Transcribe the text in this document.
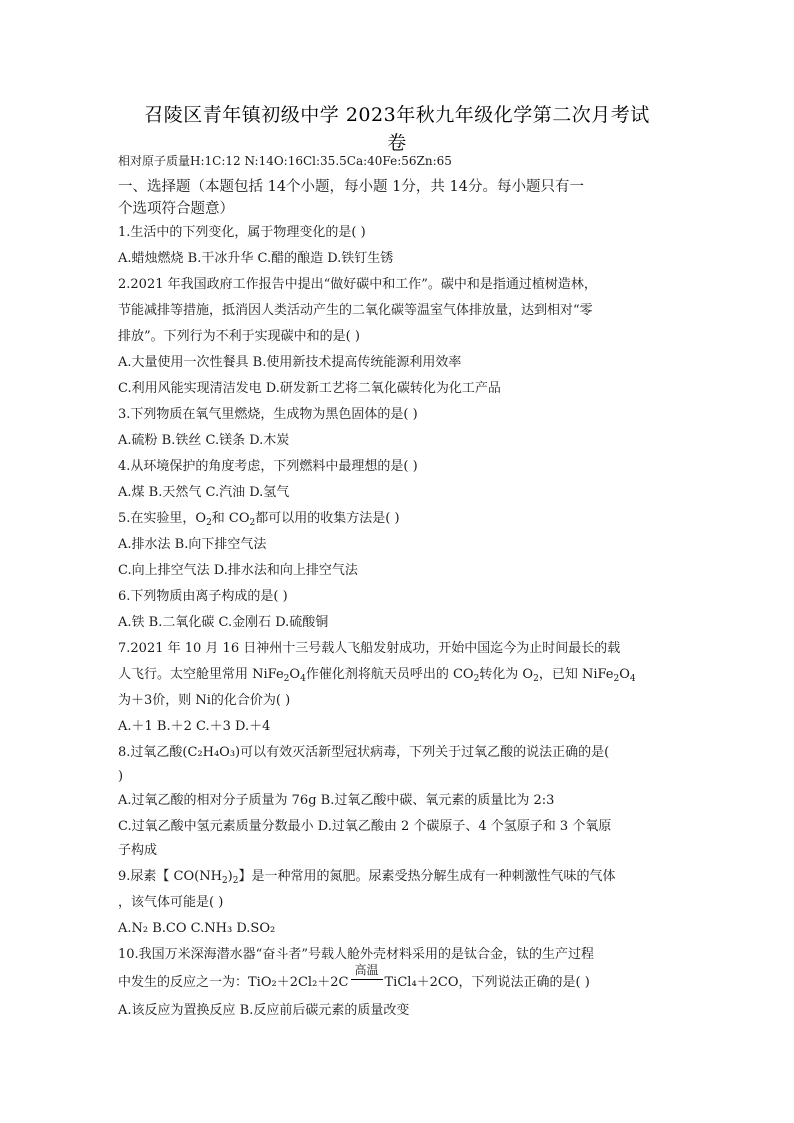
召陵区青年镇初级中学 2023年秋九年级化学第二次月考试
卷
相对原子质量H:1C:12 N:14O:16Cl:35.5Ca:40Fe:56Zn:65
一、选择题（本题包括 14个小题，每小题 1分，共 14分。每小题只有一
个选项符合题意）
1.生活中的下列变化，属于物理变化的是( )
A.蜡烛燃烧 B.干冰升华 C.醋的酿造 D.铁钉生锈
2.2021 年我国政府工作报告中提出“做好碳中和工作”。碳中和是指通过植树造林，
节能减排等措施，抵消因人类活动产生的二氧化碳等温室气体排放量，达到相对“零
排放”。下列行为不利于实现碳中和的是( )
A.大量使用一次性餐具 B.使用新技术提高传统能源利用效率
C.利用风能实现清洁发电 D.研发新工艺将二氧化碳转化为化工产品
3.下列物质在氧气里燃烧，生成物为黑色固体的是( )
A.硫粉 B.铁丝 C.镁条 D.木炭
4.从环境保护的角度考虑，下列燃料中最理想的是( )
A.煤 B.天然气 C.汽油 D.氢气
5.在实验里，$O_2$和 $CO_2$都可以用的收集方法是( )
A.排水法 B.向下排空气法
C.向上排空气法 D.排水法和向上排空气法
6.下列物质由离子构成的是( )
A.铁 B.二氧化碳 C.金刚石 D.硫酸铜
7.2021 年 10 月 16 日神州十三号载人飞船发射成功，开始中国迄今为止时间最长的载
人飞行。太空舱里常用 $NiFe_2O_4$作催化剂将航天员呼出的 $CO_2$转化为 $O_2$，已知 $NiFe_2O_4$
为＋3价，则 Ni的化合价为( )
A.＋1 B.＋2 C.＋3 D.＋4
8.过氧乙酸(C₂H₄O₃)可以有效灭活新型冠状病毒，下列关于过氧乙酸的说法正确的是(
)
A.过氧乙酸的相对分子质量为 76g B.过氧乙酸中碳、氧元素的质量比为 2:3
C.过氧乙酸中氢元素质量分数最小 D.过氧乙酸由 2 个碳原子、4 个氢原子和 3 个氧原
子构成
9.尿素【 $CO(NH_2)_2$】是一种常用的氮肥。尿素受热分解生成有一种刺激性气味的气体
，该气体可能是( )
A.N₂ B.CO C.NH₃ D.SO₂
10.我国万米深海潜水器“奋斗者”号载人舱外壳材料采用的是钛合金，钛的生产过程
中发生的反应之一为：TiO₂＋2Cl₂＋2C
高温
TiCl₄＋2CO，下列说法正确的是( )
A.该反应为置换反应 B.反应前后碳元素的质量改变
